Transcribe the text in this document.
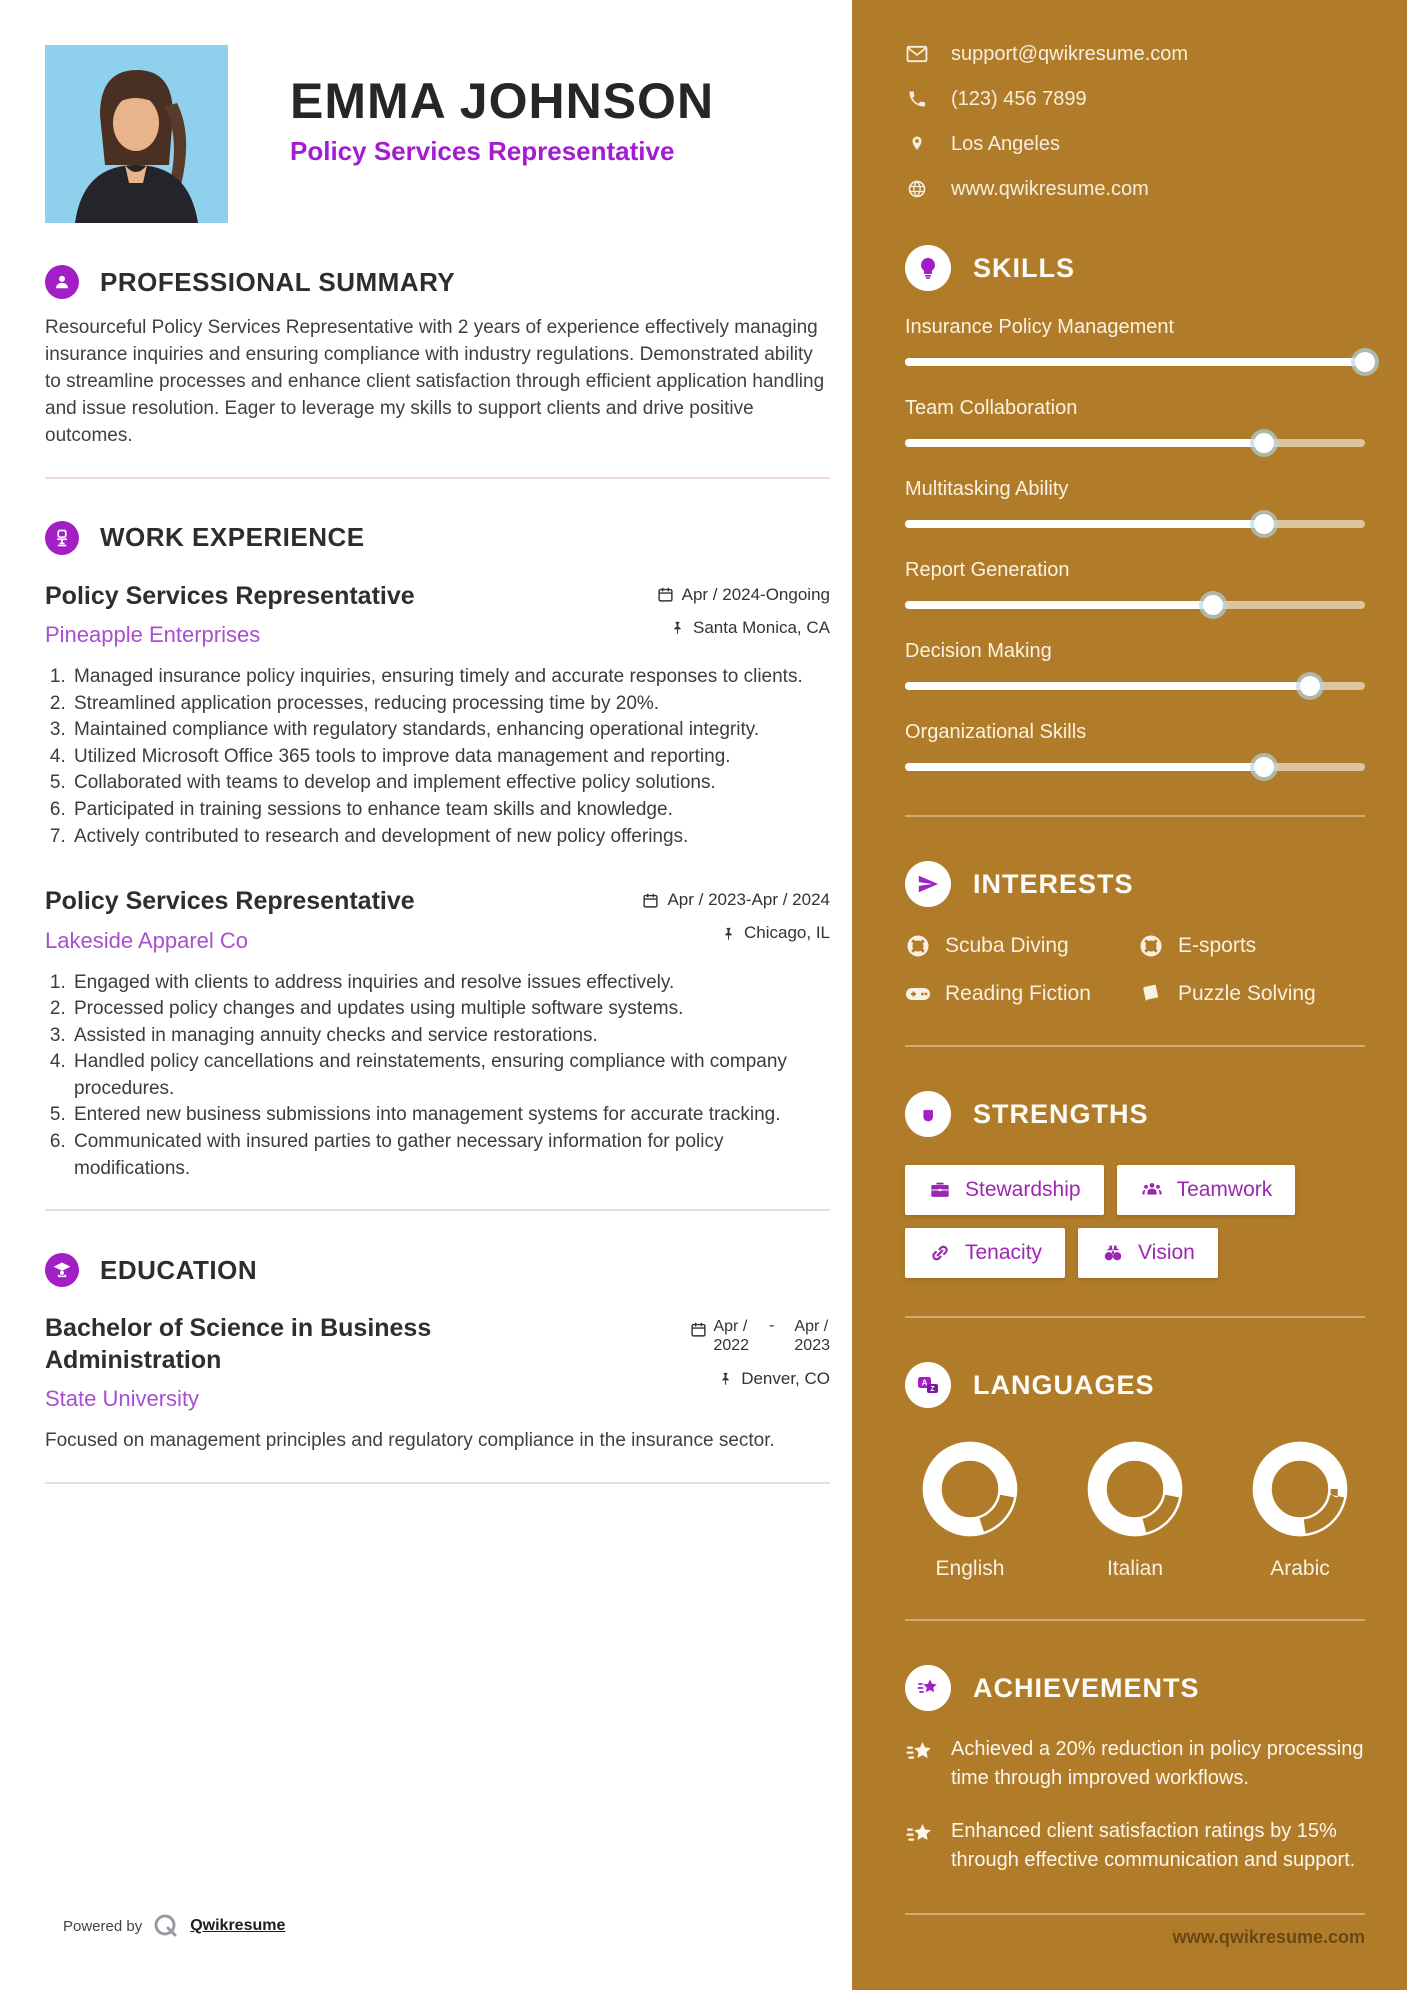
EMMA JOHNSON
Policy Services Representative
PROFESSIONAL SUMMARY
Resourceful Policy Services Representative with 2 years of experience effectively managing insurance inquiries and ensuring compliance with industry regulations. Demonstrated ability to streamline processes and enhance client satisfaction through efficient application handling and issue resolution. Eager to leverage my skills to support clients and drive positive outcomes.
WORK EXPERIENCE
Policy Services Representative
Pineapple Enterprises
Apr / 2024-Ongoing
Santa Monica, CA
1. Managed insurance policy inquiries, ensuring timely and accurate responses to clients.
2. Streamlined application processes, reducing processing time by 20%.
3. Maintained compliance with regulatory standards, enhancing operational integrity.
4. Utilized Microsoft Office 365 tools to improve data management and reporting.
5. Collaborated with teams to develop and implement effective policy solutions.
6. Participated in training sessions to enhance team skills and knowledge.
7. Actively contributed to research and development of new policy offerings.
Policy Services Representative
Lakeside Apparel Co
Apr / 2023-Apr / 2024
Chicago, IL
1. Engaged with clients to address inquiries and resolve issues effectively.
2. Processed policy changes and updates using multiple software systems.
3. Assisted in managing annuity checks and service restorations.
4. Handled policy cancellations and reinstatements, ensuring compliance with company procedures.
5. Entered new business submissions into management systems for accurate tracking.
6. Communicated with insured parties to gather necessary information for policy modifications.
EDUCATION
Bachelor of Science in Business Administration
State University
Apr /
2022
-	Apr /
2023
Denver, CO
Focused on management principles and regulatory compliance in the insurance sector.
Powered by	Qwikresume
support@qwikresume.com
(123) 456 7899
Los Angeles
www.qwikresume.com
SKILLS
Insurance Policy Management
Team Collaboration
Multitasking Ability
Report Generation
Decision Making
Organizational Skills
INTERESTS
Scuba Diving	E-sports
Reading Fiction	Puzzle Solving
STRENGTHS
Stewardship	Teamwork
Tenacity	Vision
A
Z LANGUAGES
English	Italian	Arabic
ACHIEVEMENTS
Achieved a 20% reduction in policy processing time through improved workflows.
Enhanced client satisfaction ratings by 15% through effective communication and support.
www.qwikresume.com
